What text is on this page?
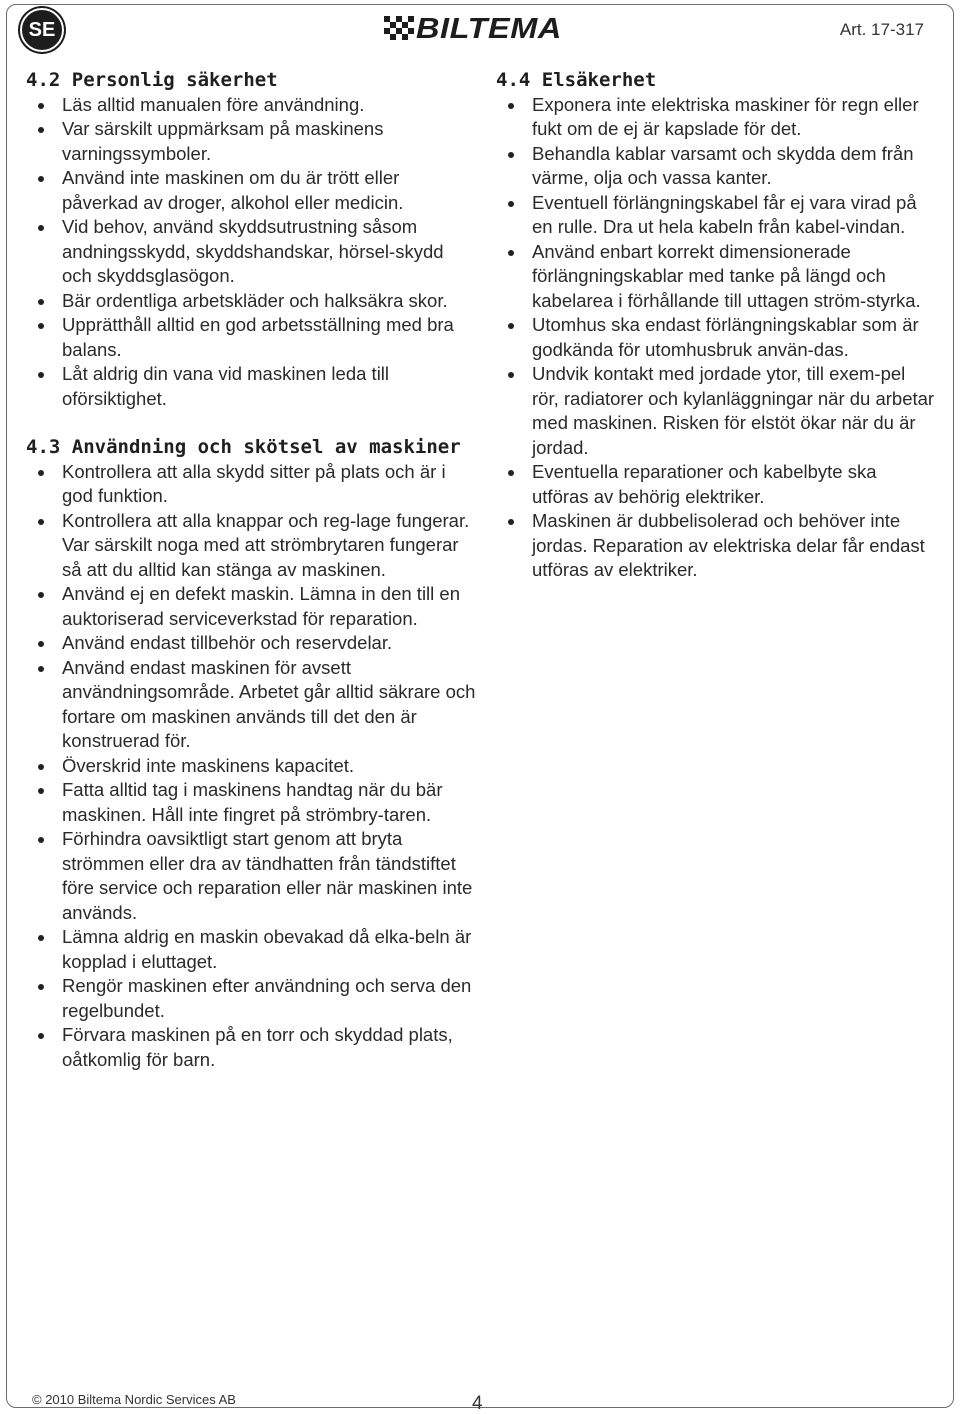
SE	BILTEMA	Art. 17-317
4.2 Personlig säkerhet
Läs alltid manualen före användning.
Var särskilt uppmärksam på maskinens varningssymboler.
Använd inte maskinen om du är trött eller påverkad av droger, alkohol eller medicin.
Vid behov, använd skyddsutrustning såsom andningsskydd, skyddshandskar, hörsel-skydd och skyddsglasögon.
Bär ordentliga arbetskläder och halksäkra skor.
Upprätthåll alltid en god arbetsställning med bra balans.
Låt aldrig din vana vid maskinen leda till oförsiktighet.
4.3 Användning och skötsel av maskiner
Kontrollera att alla skydd sitter på plats och är i god funktion.
Kontrollera att alla knappar och reg-lage fungerar. Var särskilt noga med att strömbrytaren fungerar så att du alltid kan stänga av maskinen.
Använd ej en defekt maskin. Lämna in den till en auktoriserad serviceverkstad för reparation.
Använd endast tillbehör och reservdelar.
Använd endast maskinen för avsett användningsområde. Arbetet går alltid säkrare och fortare om maskinen används till det den är konstruerad för.
Överskrid inte maskinens kapacitet.
Fatta alltid tag i maskinens handtag när du bär maskinen. Håll inte fingret på strömbry-taren.
Förhindra oavsiktligt start genom att bryta strömmen eller dra av tändhatten från tändstiftet före service och reparation eller när maskinen inte används.
Lämna aldrig en maskin obevakad då elka-beln är kopplad i eluttaget.
Rengör maskinen efter användning och serva den regelbundet.
Förvara maskinen på en torr och skyddad plats, oåtkomlig för barn.
4.4 Elsäkerhet
Exponera inte elektriska maskiner för regn eller fukt om de ej är kapslade för det.
Behandla kablar varsamt och skydda dem från värme, olja och vassa kanter.
Eventuell förlängningskabel får ej vara virad på en rulle. Dra ut hela kabeln från kabel-vindan.
Använd enbart korrekt dimensionerade förlängningskablar med tanke på längd och kabelarea i förhållande till uttagen ström-styrka.
Utomhus ska endast förlängningskablar som är godkända för utomhusbruk använ-das.
Undvik kontakt med jordade ytor, till exem-pel rör, radiatorer och kylanläggningar när du arbetar med maskinen. Risken för elstöt ökar när du är jordad.
Eventuella reparationer och kabelbyte ska utföras av behörig elektriker.
Maskinen är dubbelisolerad och behöver inte jordas. Reparation av elektriska delar får endast utföras av elektriker.
© 2010 Biltema Nordic Services AB	4
